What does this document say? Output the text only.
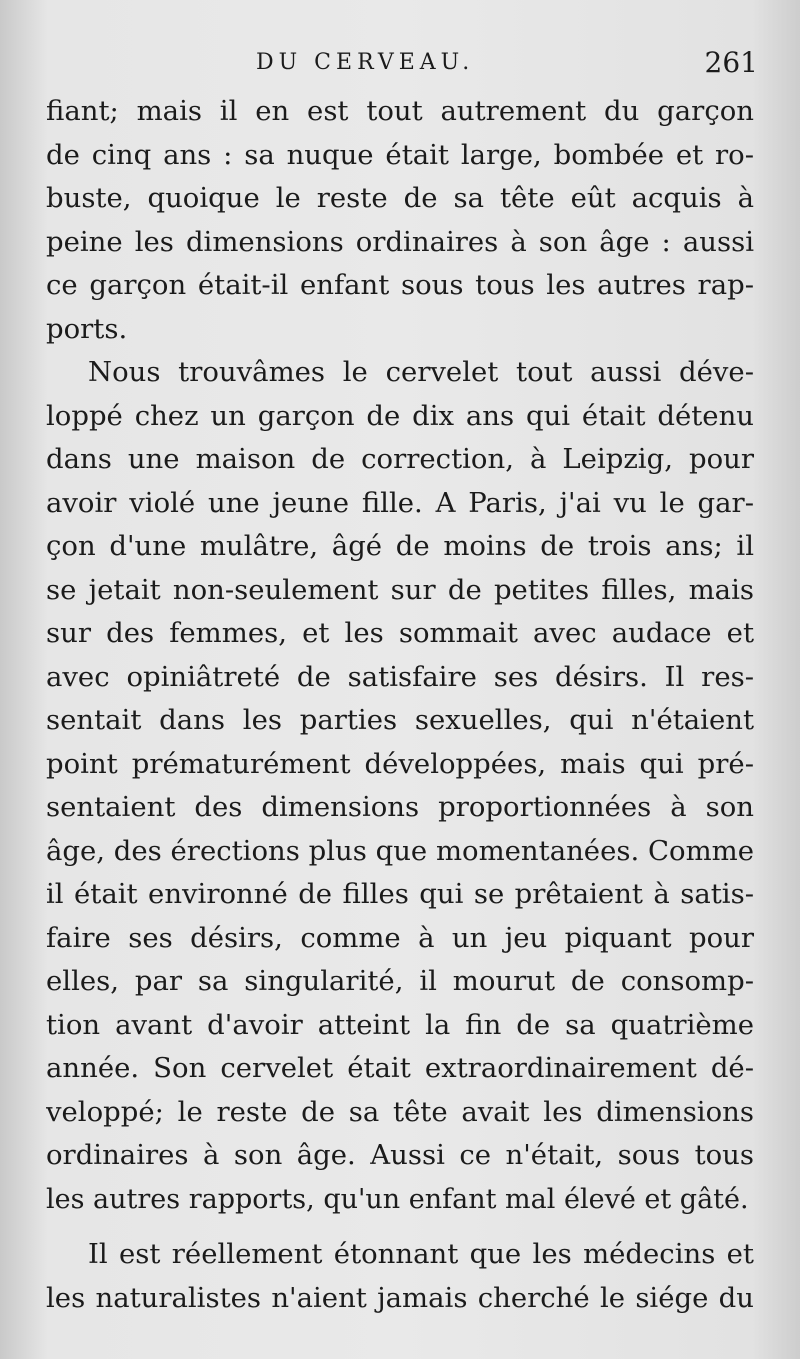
DU CERVEAU.	261
fiant; mais il en est tout autrement du garçon
de cinq ans : sa nuque était large, bombée et ro-
buste, quoique le reste de sa tête eût acquis à
peine les dimensions ordinaires à son âge : aussi
ce garçon était-il enfant sous tous les autres rap-
ports.
Nous trouvâmes le cervelet tout aussi déve-
loppé chez un garçon de dix ans qui était détenu
dans une maison de correction, à Leipzig, pour
avoir violé une jeune fille. A Paris, j'ai vu le gar-
çon d'une mulâtre, âgé de moins de trois ans; il
se jetait non-seulement sur de petites filles, mais
sur des femmes, et les sommait avec audace et
avec opiniâtreté de satisfaire ses désirs. Il res-
sentait dans les parties sexuelles, qui n'étaient
point prématurément développées, mais qui pré-
sentaient des dimensions proportionnées à son
âge, des érections plus que momentanées. Comme
il était environné de filles qui se prêtaient à satis-
faire ses désirs, comme à un jeu piquant pour
elles, par sa singularité, il mourut de consomp-
tion avant d'avoir atteint la fin de sa quatrième
année. Son cervelet était extraordinairement dé-
veloppé; le reste de sa tête avait les dimensions
ordinaires à son âge. Aussi ce n'était, sous tous
les autres rapports, qu'un enfant mal élevé et gâté.
Il est réellement étonnant que les médecins et
les naturalistes n'aient jamais cherché le siége du
